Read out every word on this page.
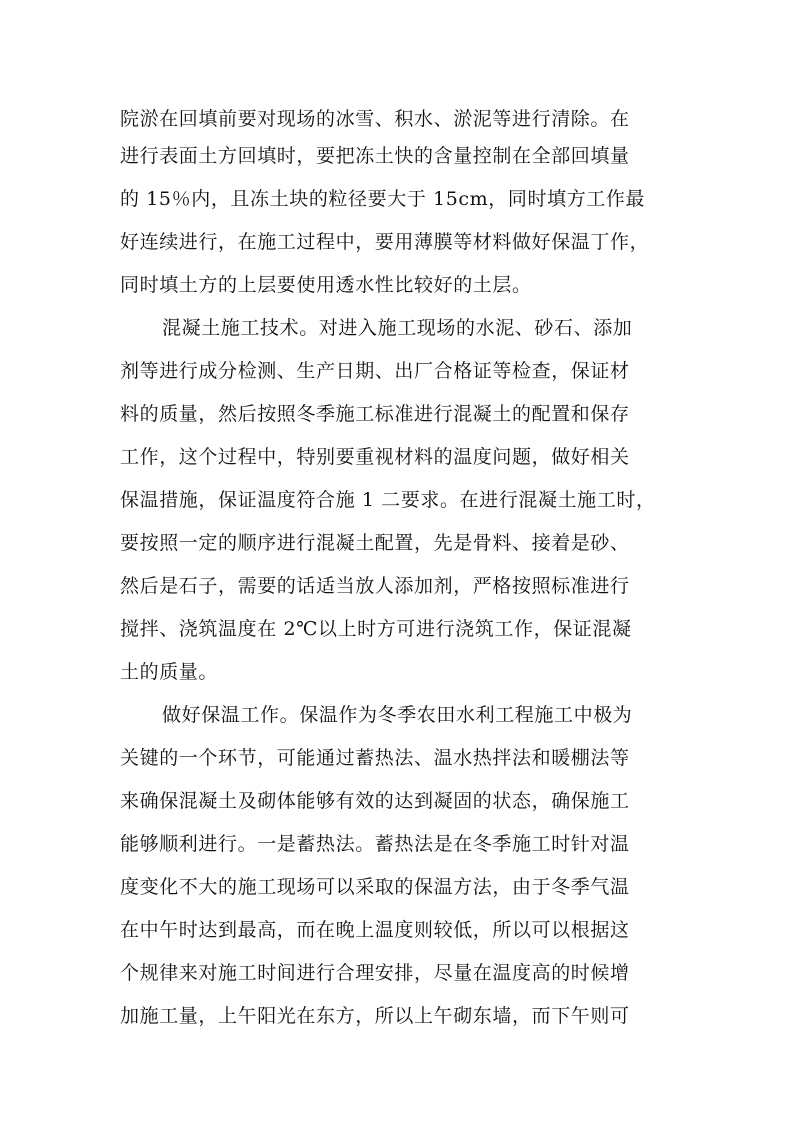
院淤在回填前要对现场的冰雪、积水、淤泥等进行清除。在
进行表面土方回填时，要把冻土快的含量控制在全部回填量
的 15％内，且冻土块的粒径要大于 15cm，同时填方工作最
好连续进行，在施工过程中，要用薄膜等材料做好保温丁作，
同时填土方的上层要使用透水性比较好的土层。
混凝土施工技术。对进入施工现场的水泥、砂石、添加
剂等进行成分检测、生产日期、出厂合格证等检查，保证材
料的质量，然后按照冬季施工标准进行混凝土的配置和保存
工作，这个过程中，特别要重视材料的温度问题，做好相关
保温措施，保证温度符合施 1 二要求。在进行混凝土施工时，
要按照一定的顺序进行混凝土配置，先是骨料、接着是砂、
然后是石子，需要的话适当放人添加剂，严格按照标准进行
搅拌、浇筑温度在 2℃以上时方可进行浇筑工作，保证混凝
土的质量。
做好保温工作。保温作为冬季农田水利工程施工中极为
关键的一个环节，可能通过蓄热法、温水热拌法和暖棚法等
来确保混凝土及砌体能够有效的达到凝固的状态，确保施工
能够顺利进行。一是蓄热法。蓄热法是在冬季施工时针对温
度变化不大的施工现场可以采取的保温方法，由于冬季气温
在中午时达到最高，而在晚上温度则较低，所以可以根据这
个规律来对施工时间进行合理安排，尽量在温度高的时候增
加施工量，上午阳光在东方，所以上午砌东墙，而下午则可
